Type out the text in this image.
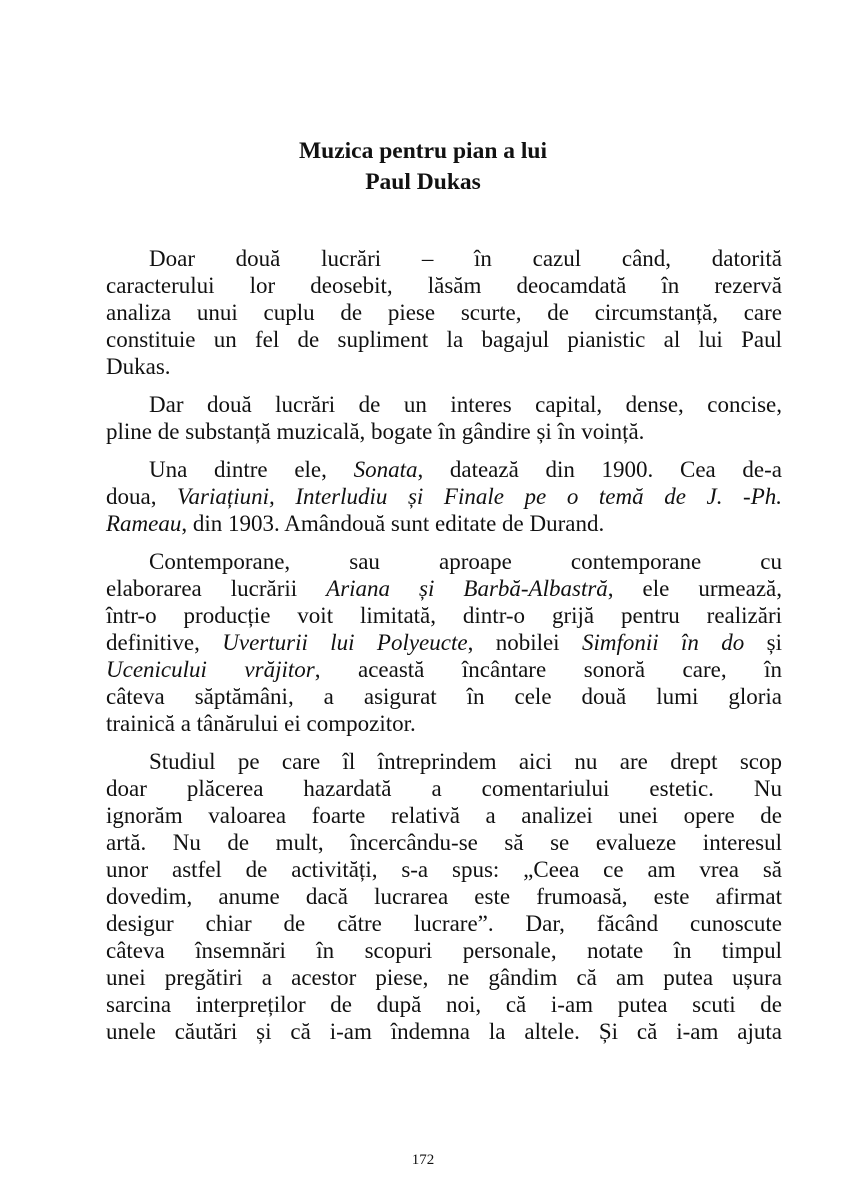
Muzica pentru pian a lui
Paul Dukas
Doar două lucrări – în cazul când, datorită
caracterului lor deosebit, lăsăm deocamdată în rezervă
analiza unui cuplu de piese scurte, de circumstanță, care
constituie un fel de supliment la bagajul pianistic al lui Paul
Dukas.
Dar două lucrări de un interes capital, dense, concise,
pline de substanță muzicală, bogate în gândire și în voință.
Una dintre ele, Sonata, datează din 1900. Cea de-a
doua, Variațiuni, Interludiu și Finale pe o temă de J. -Ph.
Rameau, din 1903. Amândouă sunt editate de Durand.
Contemporane, sau aproape contemporane cu
elaborarea lucrării Ariana și Barbă-Albastră, ele urmează,
într-o producție voit limitată, dintr-o grijă pentru realizări
definitive, Uverturii lui Polyeucte, nobilei Simfonii în do și
Ucenicului vrăjitor, această încântare sonoră care, în
câteva săptămâni, a asigurat în cele două lumi gloria
trainică a tânărului ei compozitor.
Studiul pe care îl întreprindem aici nu are drept scop
doar plăcerea hazardată a comentariului estetic. Nu
ignorăm valoarea foarte relativă a analizei unei opere de
artă. Nu de mult, încercându-se să se evalueze interesul
unor astfel de activități, s-a spus: „Ceea ce am vrea să
dovedim, anume dacă lucrarea este frumoasă, este afirmat
desigur chiar de către lucrare”. Dar, făcând cunoscute
câteva însemnări în scopuri personale, notate în timpul
unei pregătiri a acestor piese, ne gândim că am putea ușura
sarcina interpreților de după noi, că i-am putea scuti de
unele căutări și că i-am îndemna la altele. Și că i-am ajuta
172
